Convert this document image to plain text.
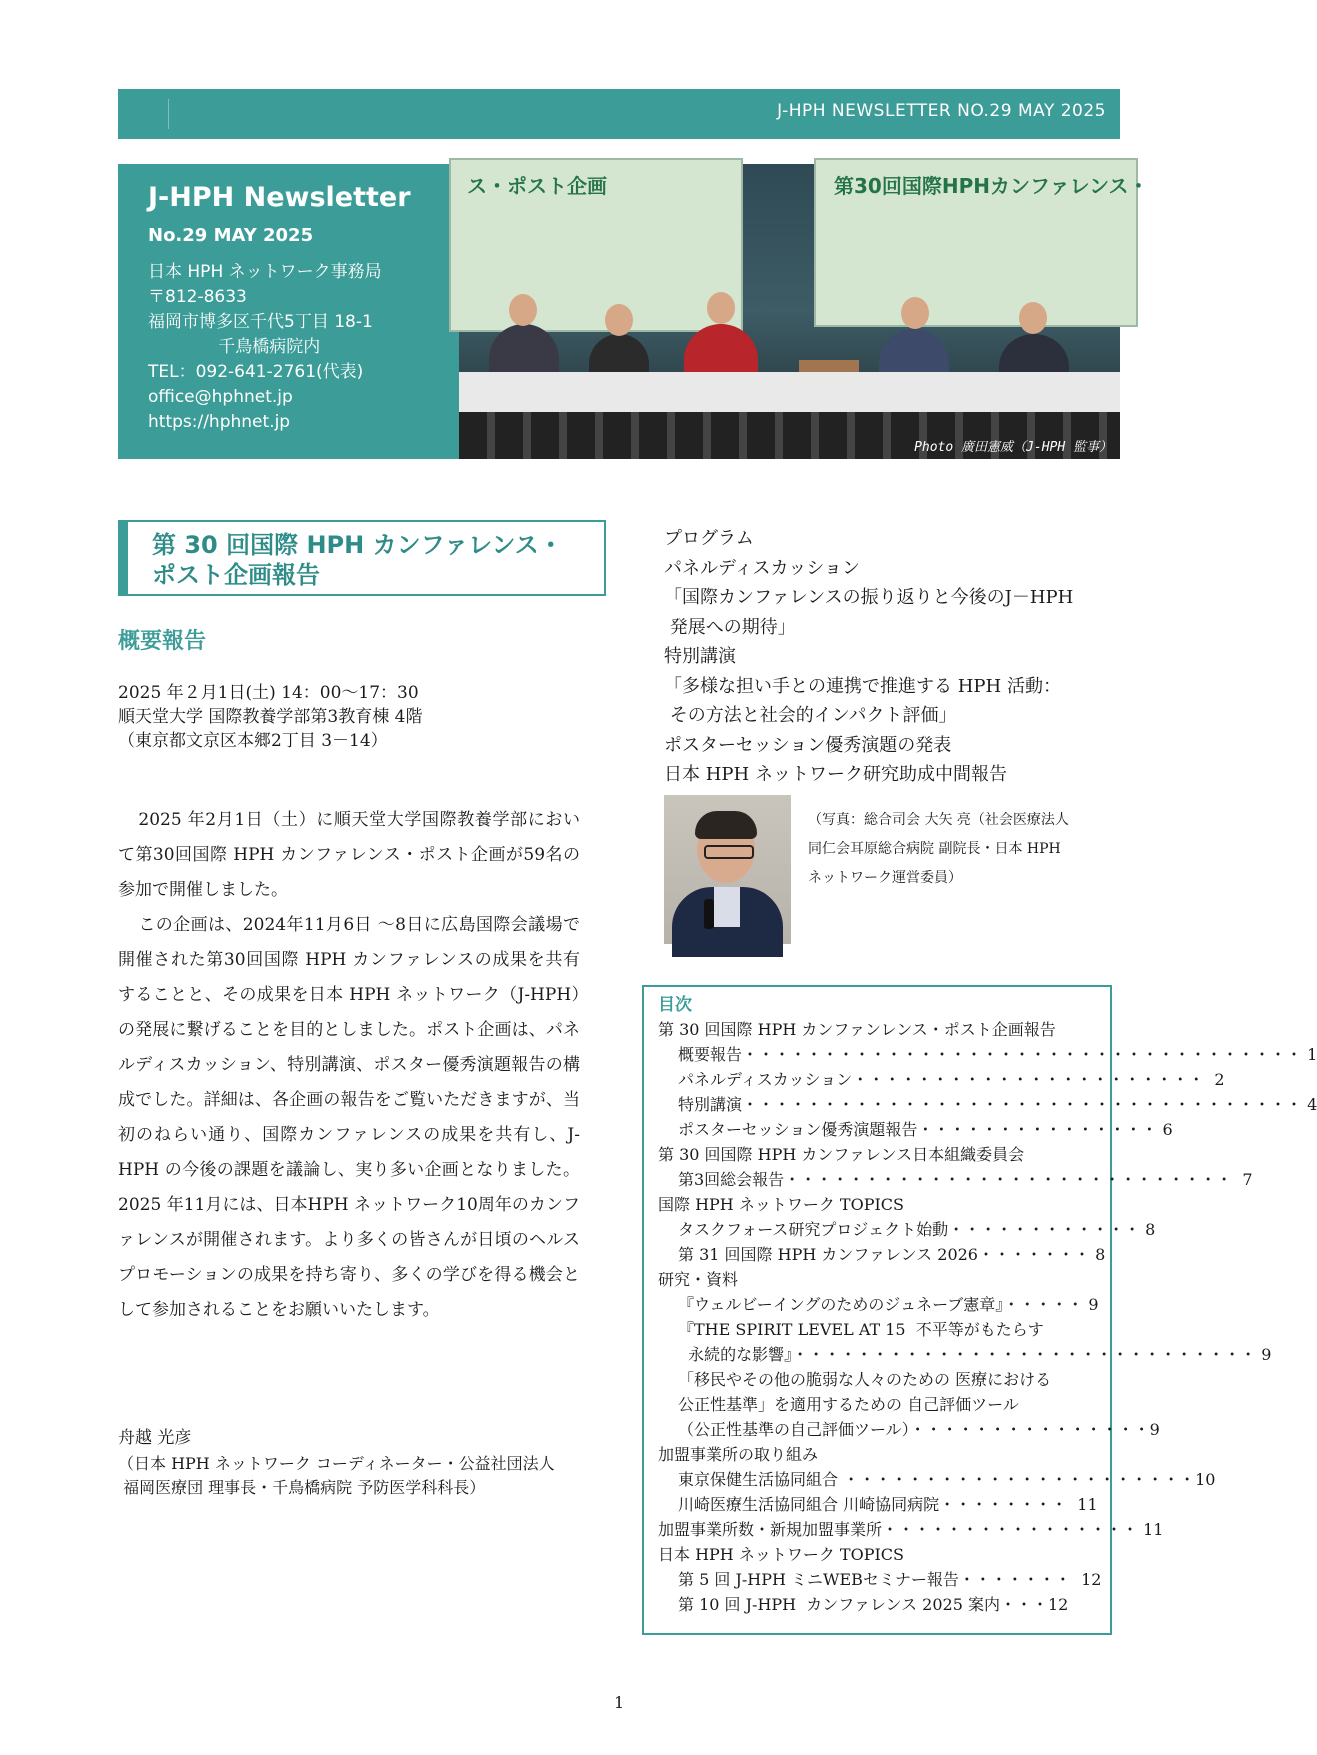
J-HPH NEWSLETTER NO.29 MAY 2025
J-HPH Newsletter
No.29 MAY 2025
日本 HPH ネットワーク事務局
〒812-8633
福岡市博多区千代5丁目 18-1
千鳥橋病院内
TEL：092-641-2761(代表)
office@hphnet.jp
https://hphnet.jp
ス・ポスト企画	第30回国際HPHカンファレンス・
Photo 廣田憲威（J-HPH 監事）
第 30 回国際 HPH カンファレンス・
ポスト企画報告
概要報告
2025 年２月1日(土) 14：00～17：30
順天堂大学 国際教養学部第3教育棟 4階
（東京都文京区本郷2丁目 3－14）

2025 年2月1日（土）に順天堂大学国際教養学部において第30回国際 HPH カンファレンス・ポスト企画が59名の参加で開催しました。

この企画は、2024年11月6日 ～8日に広島国際会議場で開催された第30回国際 HPH カンファレンスの成果を共有することと、その成果を日本 HPH ネットワーク（J-HPH）の発展に繋げることを目的としました。ポスト企画は、パネルディスカッション、特別講演、ポスター優秀演題報告の構成でした。詳細は、各企画の報告をご覧いただきますが、当初のねらい通り、国際カンファレンスの成果を共有し、J-HPH の今後の課題を議論し、実り多い企画となりました。2025 年11月には、日本HPH ネットワーク10周年のカンファレンスが開催されます。より多くの皆さんが日頃のヘルスプロモーションの成果を持ち寄り、多くの学びを得る機会として参加されることをお願いいたします。

舟越 光彦
（日本 HPH ネットワーク コーディネーター・公益社団法人
福岡医療団 理事長・千鳥橋病院 予防医学科科長）
プログラム
パネルディスカッション
「国際カンファレンスの振り返りと今後のJ－HPH
発展への期待」
特別講演
「多様な担い手との連携で推進する HPH 活動：
その方法と社会的インパクト評価」
ポスターセッション優秀演題の発表
日本 HPH ネットワーク研究助成中間報告
（写真：総合司会 大矢 亮（社会医療法人
同仁会耳原総合病院 副院長・日本 HPH
ネットワーク運営委員）
目次
第 30 回国際 HPH カンファンレンス・ポスト企画報告
概要報告・・・・・・・・・・・・・・・・・・・・・・・・・・・・・・・・・・・ 1
パネルディスカッション・・・・・・・・・・・・・・・・・・・・・・  2
特別講演・・・・・・・・・・・・・・・・・・・・・・・・・・・・・・・・・・・ 4
ポスターセッション優秀演題報告・・・・・・・・・・・・・・・ 6
第 30 回国際 HPH カンファレンス日本組織委員会
第3回総会報告・・・・・・・・・・・・・・・・・・・・・・・・・・・・  7
国際 HPH ネットワーク TOPICS
タスクフォース研究プロジェクト始動・・・・・・・・・・・・ 8
第 31 回国際 HPH カンファレンス 2026・・・・・・・ 8
研究・資料
『ウェルビーイングのためのジュネーブ憲章』・・・・・ 9
『THE SPIRIT LEVEL AT 15  不平等がもたらす
永続的な影響』・・・・・・・・・・・・・・・・・・・・・・・・・・・・・ 9
「移民やその他の脆弱な人々のための 医療における
公正性基準」を適用するための 自己評価ツール
（公正性基準の自己評価ツール）・・・・・・・・・・・・・・・9
加盟事業所の取り組み
東京保健生活協同組合 ・・・・・・・・・・・・・・・・・・・・・・10
川崎医療生活協同組合 川崎協同病院・・・・・・・・  11
加盟事業所数・新規加盟事業所・・・・・・・・・・・・・・・・ 11
日本 HPH ネットワーク TOPICS
第 5 回 J-HPH ミニWEBセミナー報告・・・・・・・  12
第 10 回 J-HPH  カンファレンス 2025 案内・・・12
1
